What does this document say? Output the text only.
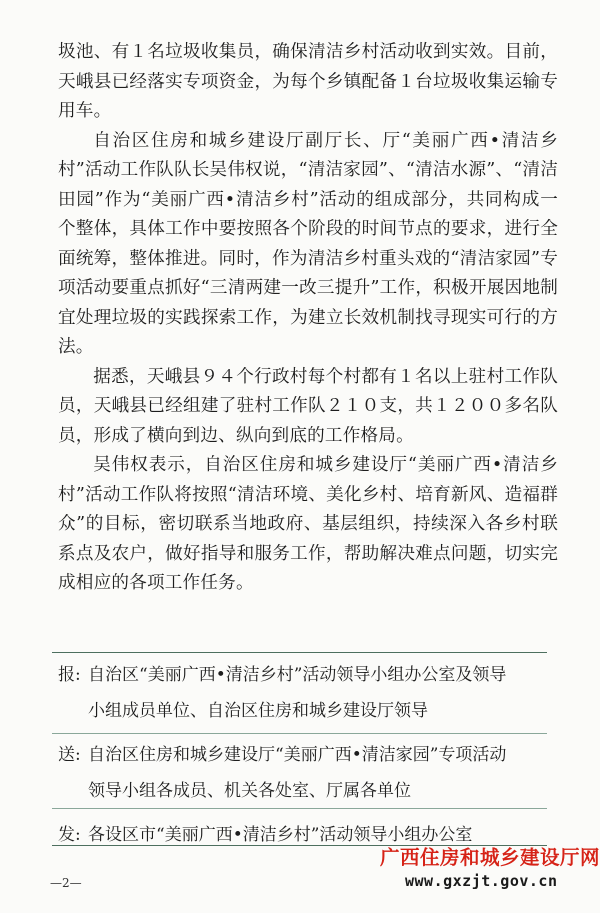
圾池、有１名垃圾收集员，确保清洁乡村活动收到实效。目前，天峨县已经落实专项资金，为每个乡镇配备１台垃圾收集运输专用车。

自治区住房和城乡建设厅副厅长、厅“美丽广西•清洁乡村”活动工作队队长吴伟权说，“清洁家园”、“清洁水源”、“清洁田园”作为“美丽广西•清洁乡村”活动的组成部分，共同构成一个整体，具体工作中要按照各个阶段的时间节点的要求，进行全面统筹，整体推进。同时，作为清洁乡村重头戏的“清洁家园”专项活动要重点抓好“三清两建一改三提升”工作，积极开展因地制宜处理垃圾的实践探索工作，为建立长效机制找寻现实可行的方法。

据悉，天峨县９４个行政村每个村都有１名以上驻村工作队员，天峨县已经组建了驻村工作队２１０支，共１２００多名队员，形成了横向到边、纵向到底的工作格局。

吴伟权表示，自治区住房和城乡建设厅“美丽广西•清洁乡村”活动工作队将按照“清洁环境、美化乡村、培育新风、造福群众”的目标，密切联系当地政府、基层组织，持续深入各乡村联系点及农户，做好指导和服务工作，帮助解决难点问题，切实完成相应的各项工作任务。

报: 自治区“美丽广西•清洁乡村”活动领导小组办公室及领导
小组成员单位、自治区住房和城乡建设厅领导
送: 自治区住房和城乡建设厅“美丽广西•清洁家园”专项活动
领导小组各成员、机关各处室、厅属各单位
发: 各设区市“美丽广西•清洁乡村”活动领导小组办公室
广西住房和城乡建设厅网
www.gxzjt.gov.cn
—2—
